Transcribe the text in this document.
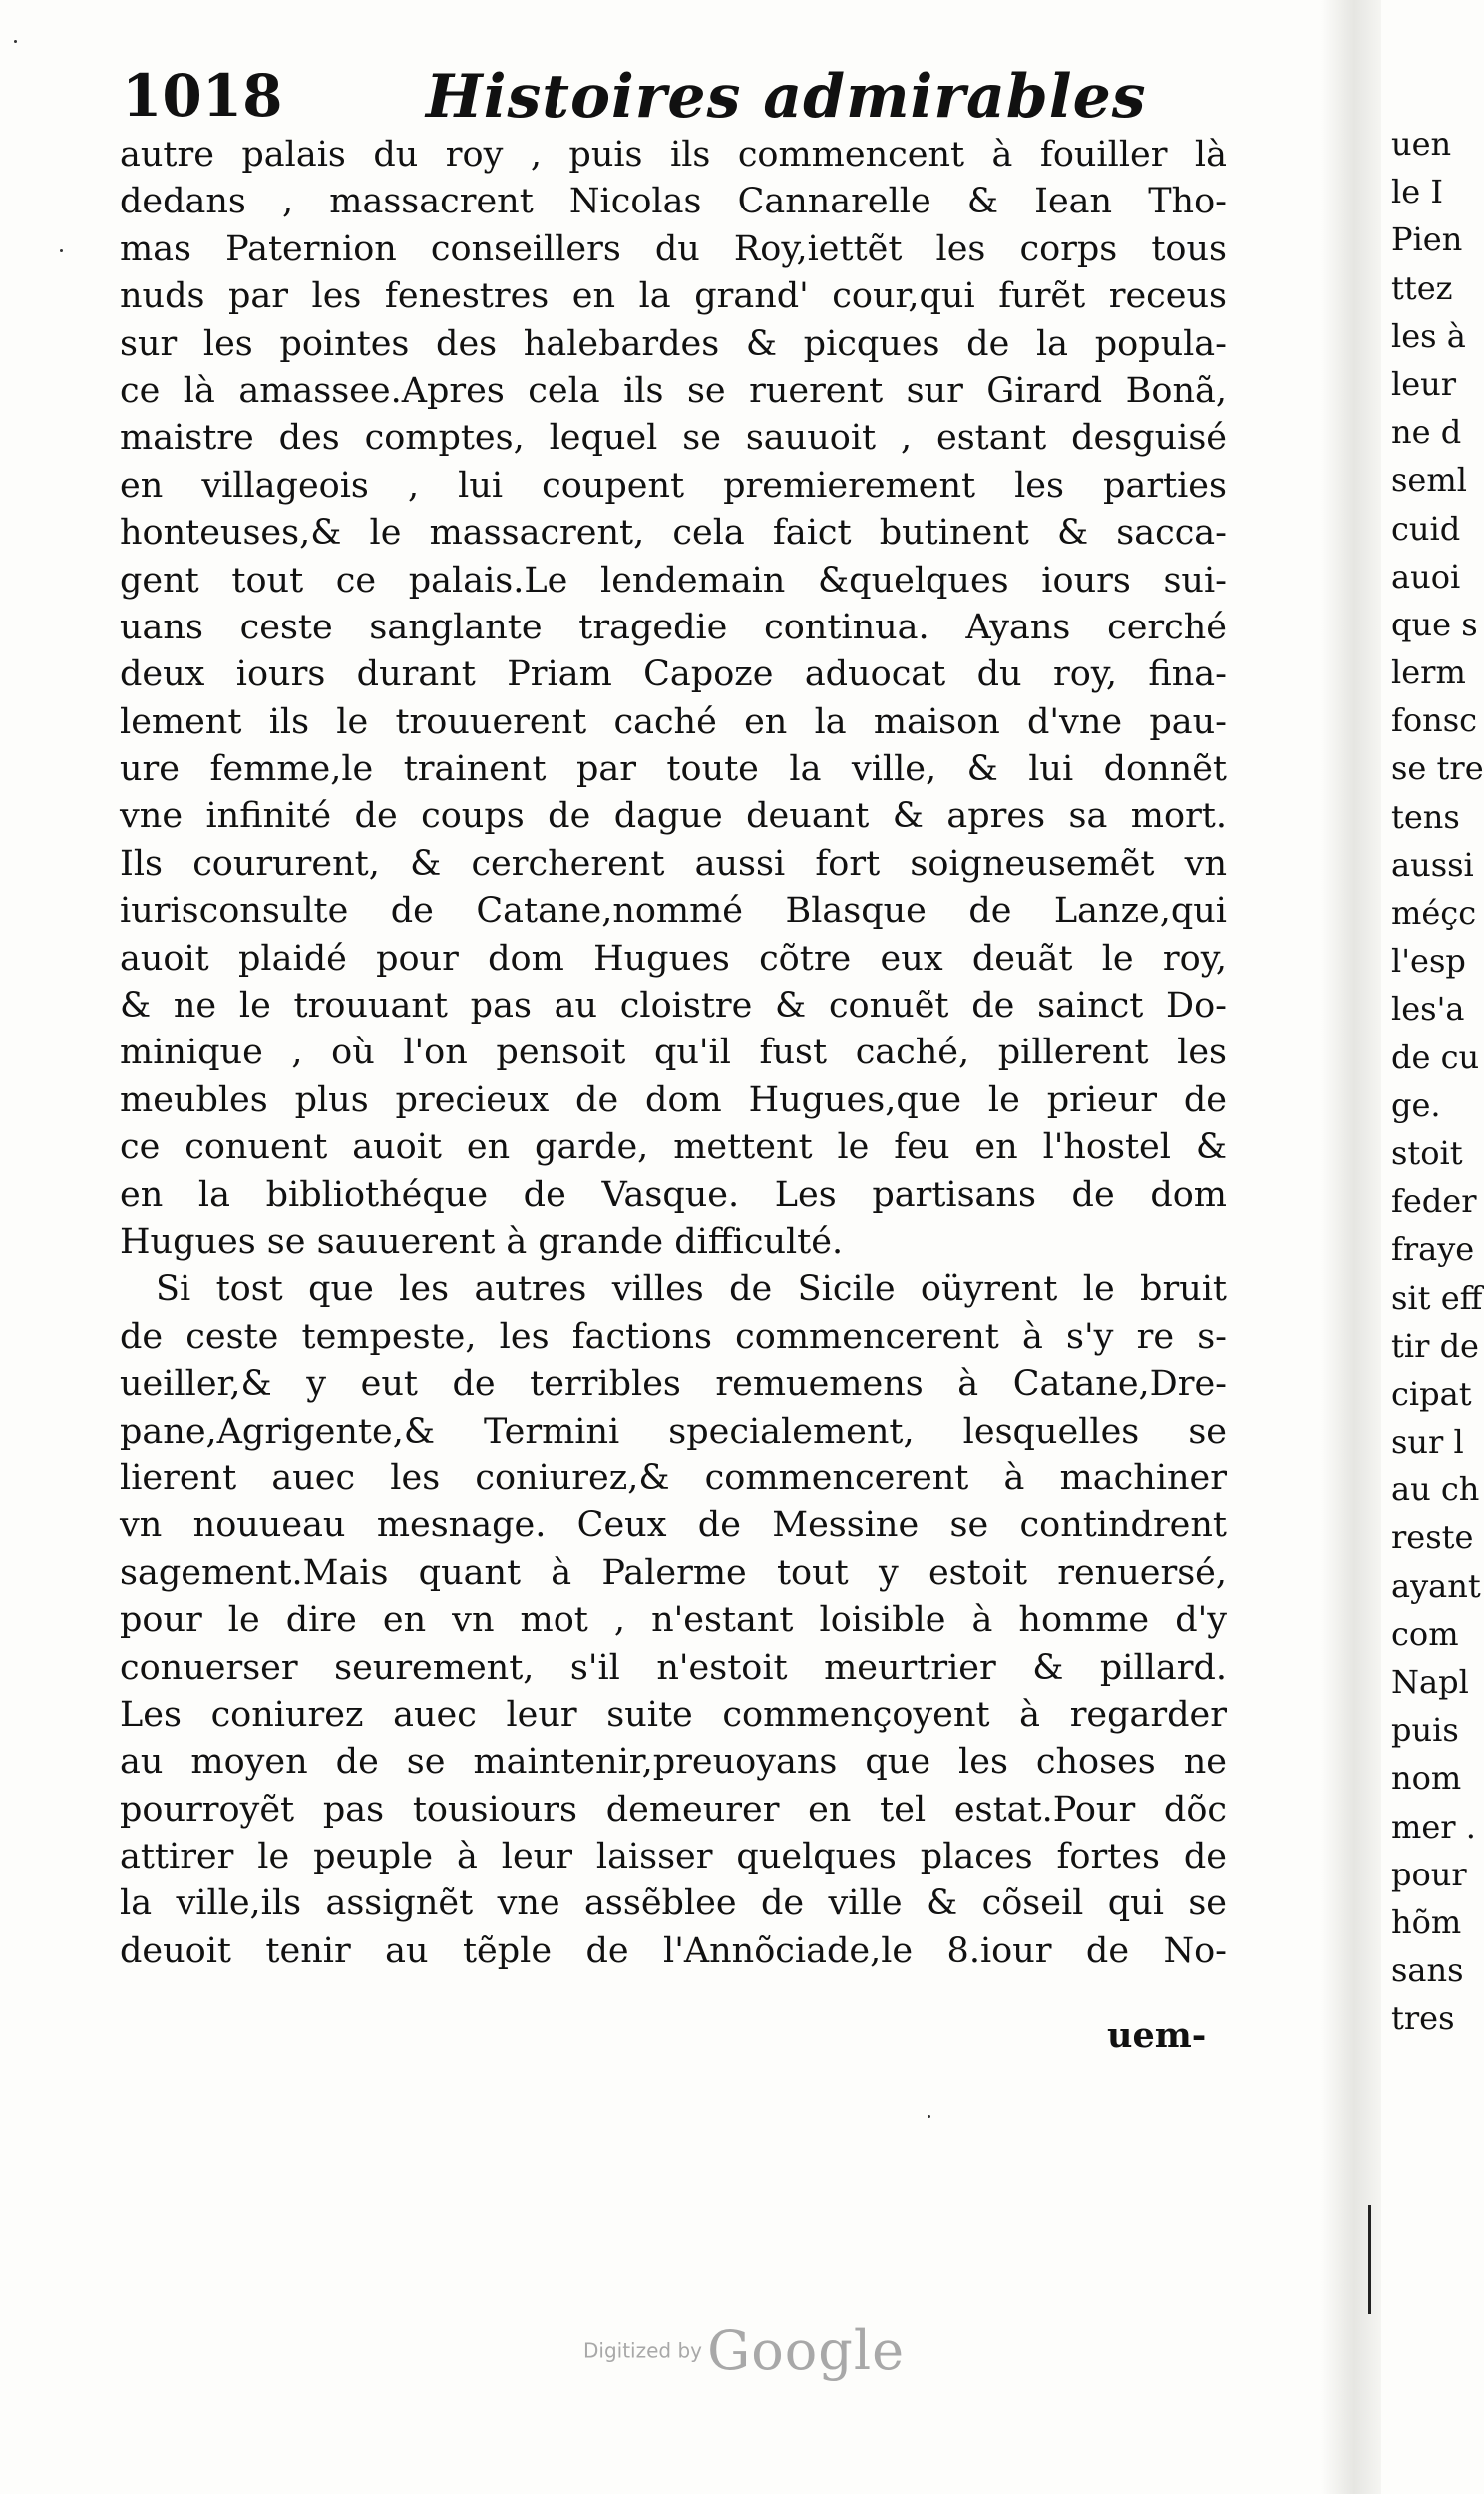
1018 Histoires admirables
autre palais du roy , puis ils commencent à fouiller là
dedans , massacrent Nicolas Cannarelle & Iean Tho-
mas Paternion conseillers du Roy,iettẽt les corps tous
nuds par les fenestres en la grand' cour,qui furẽt receus
sur les pointes des halebardes & picques de la popula-
ce là amassee.Apres cela ils se ruerent sur Girard Bonã,
maistre des comptes, lequel se sauuoit , estant desguisé
en villageois , lui coupent premierement les parties
honteuses,& le massacrent, cela faict butinent & sacca-
gent tout ce palais.Le lendemain &quelques iours sui-
uans ceste sanglante tragedie continua. Ayans cerché
deux iours durant Priam Capoze aduocat du roy, fina-
lement ils le trouuerent caché en la maison d'vne pau-
ure femme,le trainent par toute la ville, & lui donnẽt
vne infinité de coups de dague deuant & apres sa mort.
Ils coururent, & cercherent aussi fort soigneusemẽt vn
iurisconsulte de Catane,nommé Blasque de Lanze,qui
auoit plaidé pour dom Hugues cõtre eux deuãt le roy,
& ne le trouuant pas au cloistre & conuẽt de sainct Do-
minique , où l'on pensoit qu'il fust caché, pillerent les
meubles plus precieux de dom Hugues,que le prieur de
ce conuent auoit en garde, mettent le feu en l'hostel &
en la bibliothéque de Vasque. Les partisans de dom
Hugues se sauuerent à grande difficulté.
Si tost que les autres villes de Sicile oüyrent le bruit
de ceste tempeste, les factions commencerent à s'y re s-
ueiller,& y eut de terribles remuemens à Catane,Dre-
pane,Agrigente,& Termini specialement, lesquelles se
lierent auec les coniurez,& commencerent à machiner
vn nouueau mesnage. Ceux de Messine se contindrent
sagement.Mais quant à Palerme tout y estoit renuersé,
pour le dire en vn mot , n'estant loisible à homme d'y
conuerser seurement, s'il n'estoit meurtrier & pillard.
Les coniurez auec leur suite commençoyent à regarder
au moyen de se maintenir,preuoyans que les choses ne
pourroyẽt pas tousiours demeurer en tel estat.Pour dõc
attirer le peuple à leur laisser quelques places fortes de
la ville,ils assignẽt vne assẽblee de ville & cõseil qui se
deuoit tenir au tẽple de l'Annõciade,le 8.iour de No-
uem-
uen
le I
Pien
ttez
les à
leur
ne d
seml
cuid
auoi
que s
lerm
fonsc
se tre
tens
aussi
méçc
l'esp
les'a
de cu
ge.
stoit
feder
fraye
sit eff
tir de
cipat
sur l
au ch
reste
ayant
com
Napl
puis
nom
mer .
pour
hõm
sans
tres
Digitized by Google
